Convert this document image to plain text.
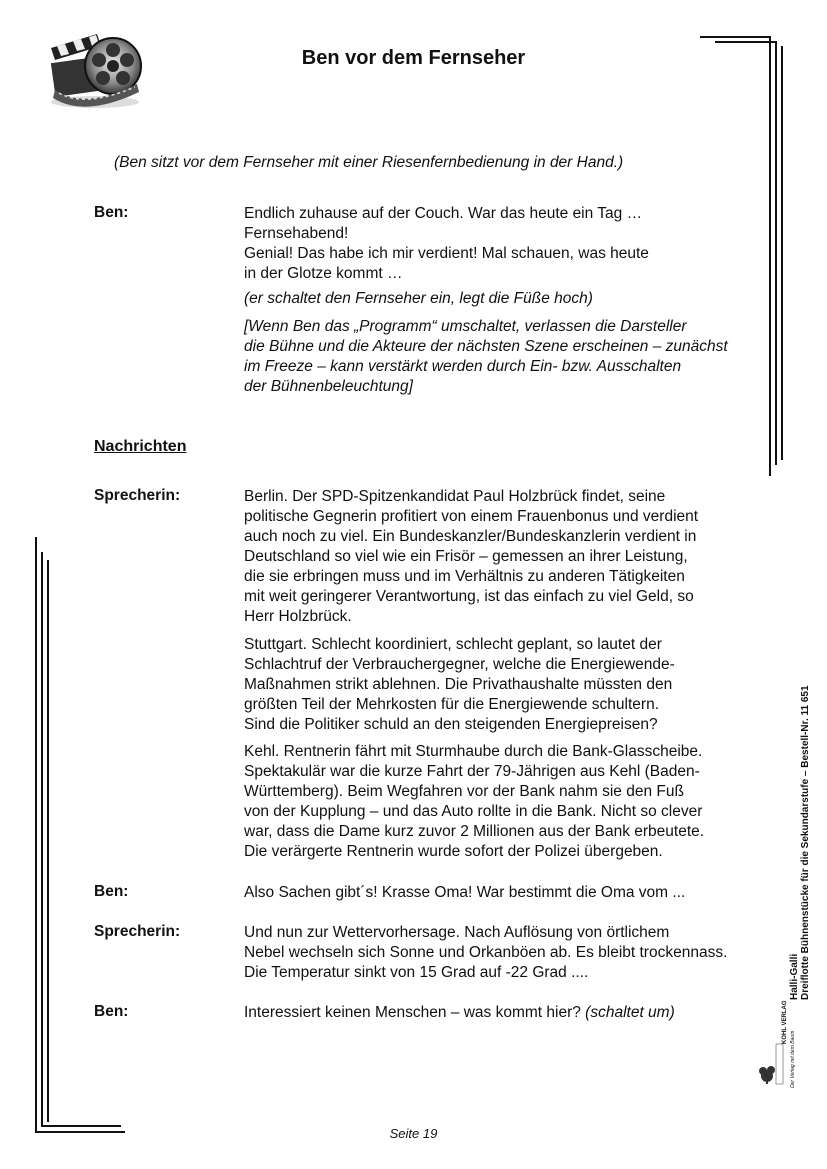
Ben vor dem Fernseher
(Ben sitzt vor dem Fernseher mit einer Riesenfernbedienung in der Hand.)
Ben:	Endlich zuhause auf der Couch. War das heute ein Tag …
Fernsehabend!
Genial! Das habe ich mir verdient! Mal schauen, was heute
in der Glotze kommt …
(er schaltet den Fernseher ein, legt die Füße hoch)
[Wenn Ben das „Programm“ umschaltet, verlassen die Darsteller
die Bühne und die Akteure der nächsten Szene erscheinen – zunächst
im Freeze – kann verstärkt werden durch Ein- bzw. Ausschalten
der Bühnenbeleuchtung]
Nachrichten
Sprecherin:	Berlin. Der SPD-Spitzenkandidat Paul Holzbrück findet, seine
politische Gegnerin profitiert von einem Frauenbonus und verdient
auch noch zu viel. Ein Bundeskanzler/Bundeskanzlerin verdient in
Deutschland so viel wie ein Frisör – gemessen an ihrer Leistung,
die sie erbringen muss und im Verhältnis zu anderen Tätigkeiten
mit weit geringerer Verantwortung, ist das einfach zu viel Geld, so
Herr Holzbrück.
Stuttgart. Schlecht koordiniert, schlecht geplant, so lautet der
Schlachtruf der Verbrauchergegner, welche die Energiewende-
Maßnahmen strikt ablehnen. Die Privathaushalte müssten den
größten Teil der Mehrkosten für die Energiewende schultern.
Sind die Politiker schuld an den steigenden Energiepreisen?
Kehl. Rentnerin fährt mit Sturmhaube durch die Bank-Glasscheibe.
Spektakulär war die kurze Fahrt der 79-Jährigen aus Kehl (Baden-
Württemberg). Beim Wegfahren vor der Bank nahm sie den Fuß
von der Kupplung – und das Auto rollte in die Bank. Nicht so clever
war, dass die Dame kurz zuvor 2 Millionen aus der Bank erbeutete.
Die verärgerte Rentnerin wurde sofort der Polizei übergeben.
Ben:	Also Sachen gibt´s! Krasse Oma! War bestimmt die Oma vom ...
Sprecherin:	Und nun zur Wettervorhersage. Nach Auflösung von örtlichem
Nebel wechseln sich Sonne und Orkanböen ab. Es bleibt trockennass.
Die Temperatur sinkt von 15 Grad auf -22 Grad ....
Ben:	Interessiert keinen Menschen – was kommt hier? (schaltet um)
Halli-Galli Dreiflotte Bühnenstücke für die Sekundarstufe – Bestell-Nr. 11 651
KOHL VERLAG
Der Verlag mit dem Baum
Seite 19
